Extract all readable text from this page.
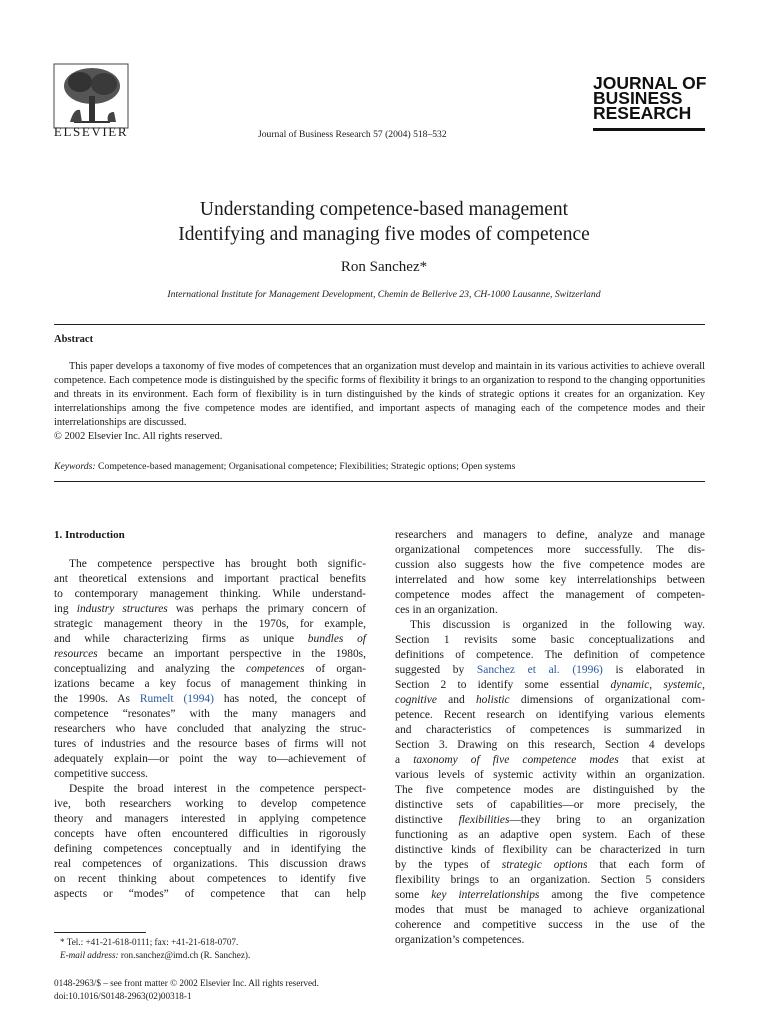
ELSEVIER	Journal of Business Research 57 (2004) 518–532
JOURNAL OF
BUSINESS
RESEARCH
Understanding competence-based management
Identifying and managing five modes of competence
Ron Sanchez*
International Institute for Management Development, Chemin de Bellerive 23, CH-1000 Lausanne, Switzerland
Abstract
This paper develops a taxonomy of five modes of competences that an organization must develop and maintain in its various activities to achieve overall competence. Each competence mode is distinguished by the specific forms of flexibility it brings to an organization to respond to the changing opportunities and threats in its environment. Each form of flexibility is in turn distinguished by the kinds of strategic options it creates for an organization. Key interrelationships among the five competence modes are identified, and important aspects of managing each of the competence modes and their interrelationships are discussed.
© 2002 Elsevier Inc. All rights reserved.
Keywords: Competence-based management; Organisational competence; Flexibilities; Strategic options; Open systems
1. Introduction
The competence perspective has brought both signific-
ant theoretical extensions and important practical benefits
to contemporary management thinking. While understand-
ing industry structures was perhaps the primary concern of
strategic management theory in the 1970s, for example,
and while characterizing firms as unique bundles of
resources became an important perspective in the 1980s,
conceptualizing and analyzing the competences of organ-
izations became a key focus of management thinking in
the 1990s. As Rumelt (1994) has noted, the concept of
competence “resonates” with the many managers and
researchers who have concluded that analyzing the struc-
tures of industries and the resource bases of firms will not
adequately explain—or point the way to—achievement of
competitive success.
Despite the broad interest in the competence perspect-
ive, both researchers working to develop competence
theory and managers interested in applying competence
concepts have often encountered difficulties in rigorously
defining competences conceptually and in identifying the
real competences of organizations. This discussion draws
on recent thinking about competences to identify five
aspects or “modes” of competence that can help
researchers and managers to define, analyze and manage
organizational competences more successfully. The dis-
cussion also suggests how the five competence modes are
interrelated and how some key interrelationships between
competence modes affect the management of competen-
ces in an organization.
This discussion is organized in the following way.
Section 1 revisits some basic conceptualizations and
definitions of competence. The definition of competence
suggested by Sanchez et al. (1996) is elaborated in
Section 2 to identify some essential dynamic, systemic,
cognitive and holistic dimensions of organizational com-
petence. Recent research on identifying various elements
and characteristics of competences is summarized in
Section 3. Drawing on this research, Section 4 develops
a taxonomy of five competence modes that exist at
various levels of systemic activity within an organization.
The five competence modes are distinguished by the
distinctive sets of capabilities—or more precisely, the
distinctive flexibilities—they bring to an organization
functioning as an adaptive open system. Each of these
distinctive kinds of flexibility can be characterized in turn
by the types of strategic options that each form of
flexibility brings to an organization. Section 5 considers
some key interrelationships among the five competence
modes that must be managed to achieve organizational
coherence and competitive success in the use of the
organization’s competences.
* Tel.: +41-21-618-0111; fax: +41-21-618-0707.
E-mail address: ron.sanchez@imd.ch (R. Sanchez).
0148-2963/$ – see front matter © 2002 Elsevier Inc. All rights reserved.
doi:10.1016/S0148-2963(02)00318-1
